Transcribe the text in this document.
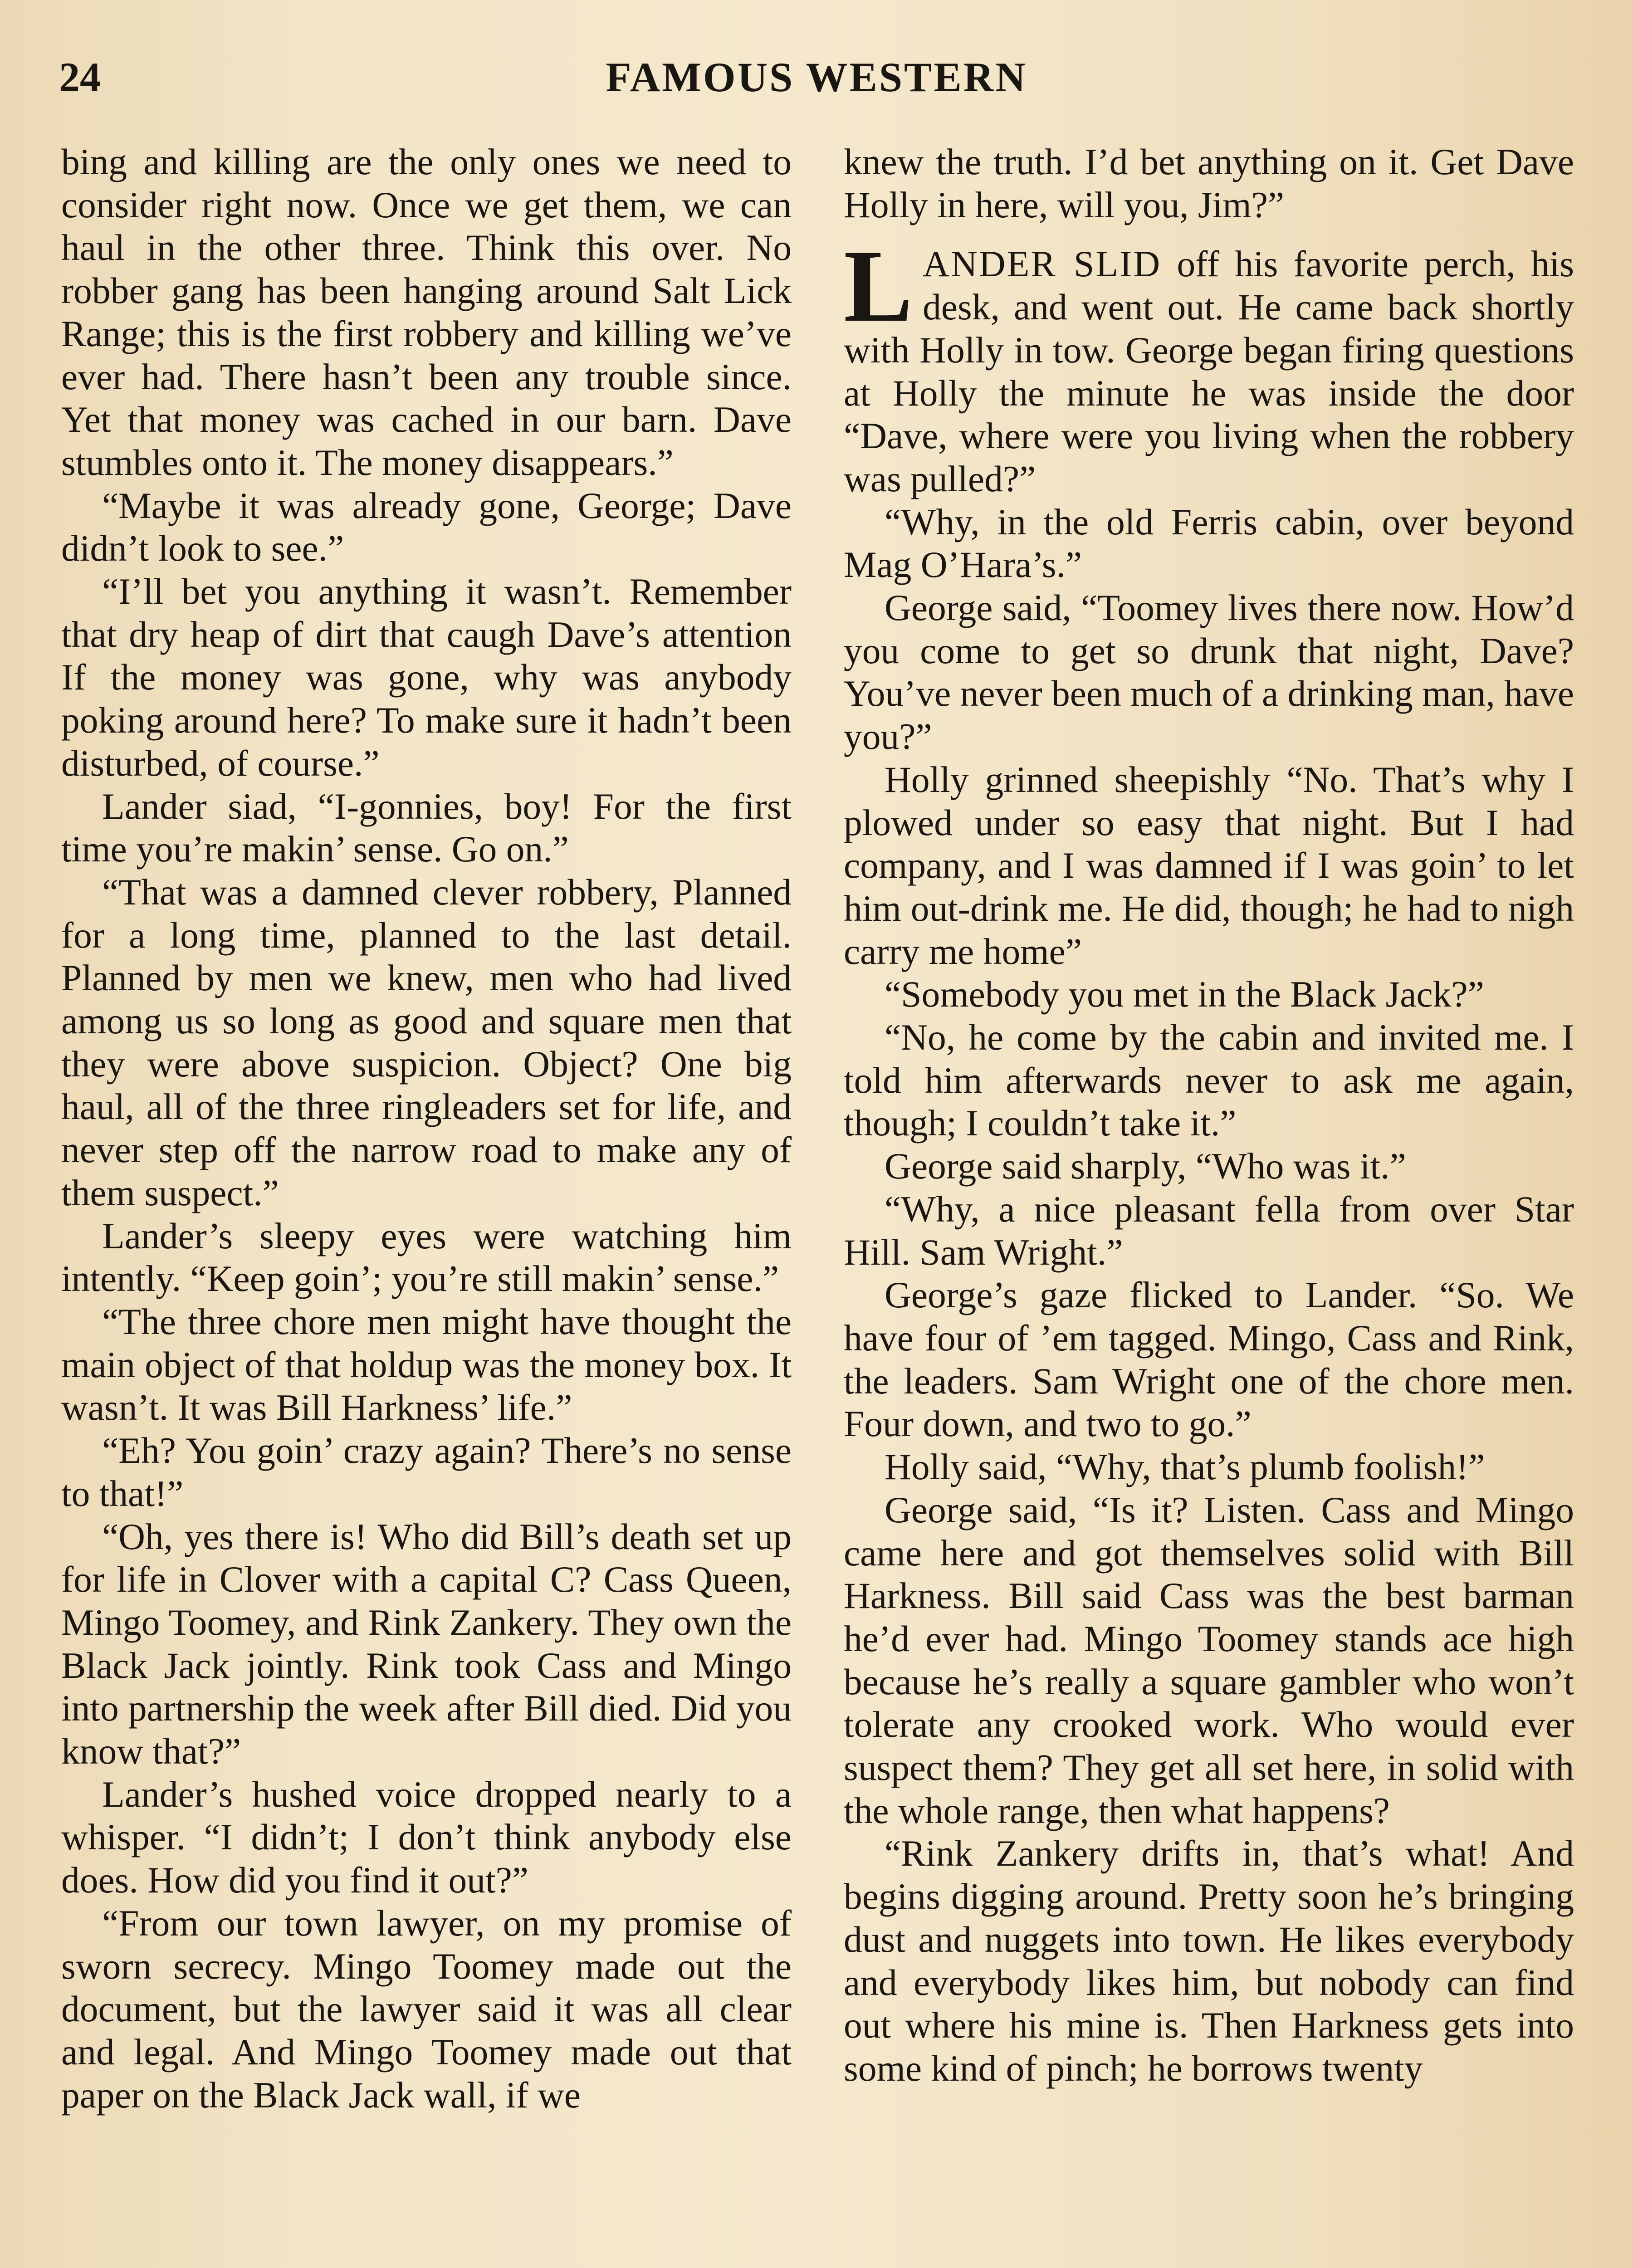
24	FAMOUS WESTERN

bing and killing are the only ones we need to consider right now. Once we get them, we can haul in the other three. Think this over. No robber gang has been hanging around Salt Lick Range; this is the first robbery and killing we’ve ever had. There hasn’t been any trouble since. Yet that money was cached in our barn. Dave stumbles onto it. The money disappears.”

“Maybe it was already gone, George; Dave didn’t look to see.”

“I’ll bet you anything it wasn’t. Remember that dry heap of dirt that caugh Dave’s attention If the money was gone, why was anybody poking around here? To make sure it hadn’t been disturbed, of course.”

Lander siad, “I-gonnies, boy! For the first time you’re makin’ sense. Go on.”

“That was a damned clever robbery, Planned for a long time, planned to the last detail. Planned by men we knew, men who had lived among us so long as good and square men that they were above suspicion. Object? One big haul, all of the three ringleaders set for life, and never step off the narrow road to make any of them suspect.”

Lander’s sleepy eyes were watching him intently. “Keep goin’; you’re still makin’ sense.”

“The three chore men might have thought the main object of that holdup was the money box. It wasn’t. It was Bill Harkness’ life.”

“Eh? You goin’ crazy again? There’s no sense to that!”

“Oh, yes there is! Who did Bill’s death set up for life in Clover with a capital C? Cass Queen, Mingo Toomey, and Rink Zankery. They own the Black Jack jointly. Rink took Cass and Mingo into partnership the week after Bill died. Did you know that?”

Lander’s hushed voice dropped nearly to a whisper. “I didn’t; I don’t think anybody else does. How did you find it out?”

“From our town lawyer, on my promise of sworn secrecy. Mingo Toomey made out the document, but the lawyer said it was all clear and legal. And Mingo Toomey made out that paper on the Black Jack wall, if we

knew the truth. I’d bet anything on it. Get Dave Holly in here, will you, Jim?”

LANDER SLID off his favorite perch, his desk, and went out. He came back shortly with Holly in tow. George began firing questions at Holly the minute he was inside the door “Dave, where were you living when the robbery was pulled?”

“Why, in the old Ferris cabin, over beyond Mag O’Hara’s.”

George said, “Toomey lives there now. How’d you come to get so drunk that night, Dave? You’ve never been much of a drinking man, have you?”

Holly grinned sheepishly “No. That’s why I plowed under so easy that night. But I had company, and I was damned if I was goin’ to let him out-drink me. He did, though; he had to nigh carry me home”

“Somebody you met in the Black Jack?”

“No, he come by the cabin and invited me. I told him afterwards never to ask me again, though; I couldn’t take it.”

George said sharply, “Who was it.”

“Why, a nice pleasant fella from over Star Hill. Sam Wright.”

George’s gaze flicked to Lander. “So. We have four of ’em tagged. Mingo, Cass and Rink, the leaders. Sam Wright one of the chore men. Four down, and two to go.”

Holly said, “Why, that’s plumb foolish!”

George said, “Is it? Listen. Cass and Mingo came here and got themselves solid with Bill Harkness. Bill said Cass was the best barman he’d ever had. Mingo Toomey stands ace high because he’s really a square gambler who won’t tolerate any crooked work. Who would ever suspect them? They get all set here, in solid with the whole range, then what happens?

“Rink Zankery drifts in, that’s what! And begins digging around. Pretty soon he’s bringing dust and nuggets into town. He likes everybody and everybody likes him, but nobody can find out where his mine is. Then Harkness gets into some kind of pinch; he borrows twenty
